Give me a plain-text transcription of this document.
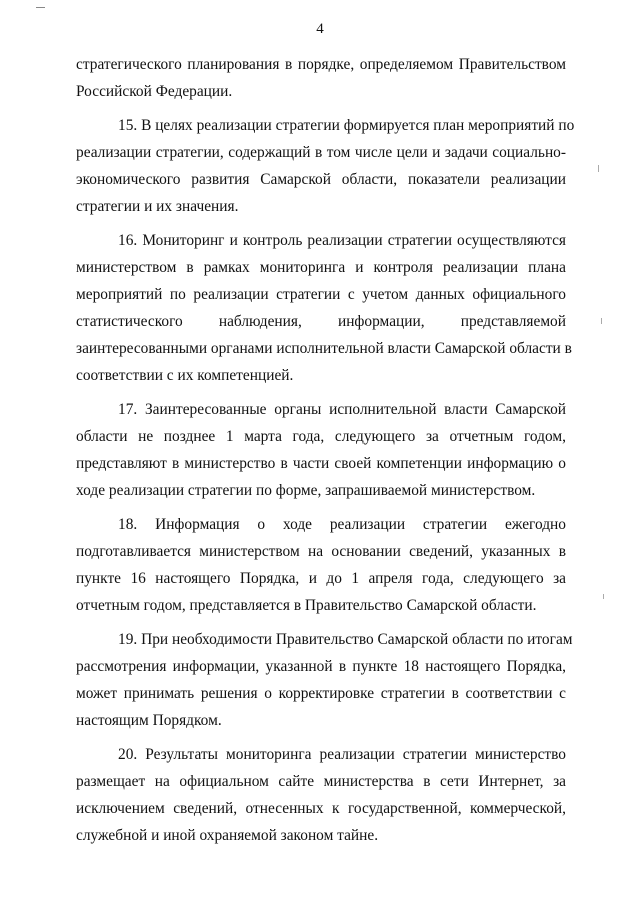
4

стратегического планирования в порядке, определяемом Правительством
Российской Федерации.

15. В целях реализации стратегии формируется план мероприятий по
реализации стратегии, содержащий в том числе цели и задачи социально-
экономического развития Самарской области, показатели реализации
стратегии и их значения.

16. Мониторинг и контроль реализации стратегии осуществляются
министерством в рамках мониторинга и контроля реализации плана
мероприятий по реализации стратегии с учетом данных официального
статистического наблюдения, информации, представляемой
заинтересованными органами исполнительной власти Самарской области в
соответствии с их компетенцией.

17. Заинтересованные органы исполнительной власти Самарской
области не позднее 1 марта года, следующего за отчетным годом,
представляют в министерство в части своей компетенции информацию о
ходе реализации стратегии по форме, запрашиваемой министерством.

18. Информация о ходе реализации стратегии ежегодно
подготавливается министерством на основании сведений, указанных в
пункте 16 настоящего Порядка, и до 1 апреля года, следующего за
отчетным годом, представляется в Правительство Самарской области.

19. При необходимости Правительство Самарской области по итогам
рассмотрения информации, указанной в пункте 18 настоящего Порядка,
может принимать решения о корректировке стратегии в соответствии с
настоящим Порядком.

20. Результаты мониторинга реализации стратегии министерство
размещает на официальном сайте министерства в сети Интернет, за
исключением сведений, отнесенных к государственной, коммерческой,
служебной и иной охраняемой законом тайне.
